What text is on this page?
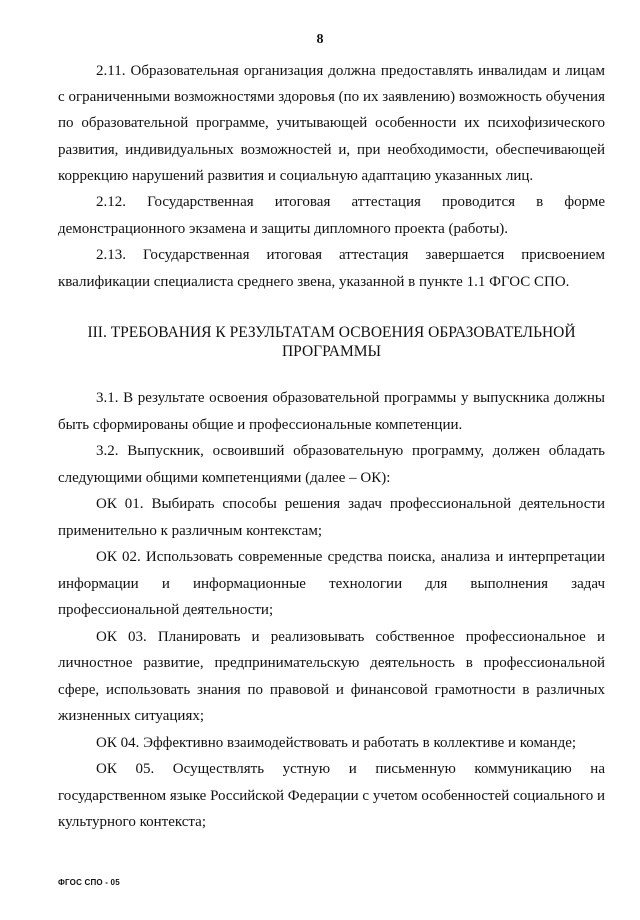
8

2.11. Образовательная организация должна предоставлять инвалидам и лицам с ограниченными возможностями здоровья (по их заявлению) возможность обучения по образовательной программе, учитывающей особенности их психофизического развития, индивидуальных возможностей и, при необходимости, обеспечивающей коррекцию нарушений развития и социальную адаптацию указанных лиц.

2.12. Государственная итоговая аттестация проводится в форме демонстрационного экзамена и защиты дипломного проекта (работы).

2.13. Государственная итоговая аттестация завершается присвоением квалификации специалиста среднего звена, указанной в пункте 1.1 ФГОС СПО.

III. ТРЕБОВАНИЯ К РЕЗУЛЬТАТАМ ОСВОЕНИЯ ОБРАЗОВАТЕЛЬНОЙ
ПРОГРАММЫ

3.1. В результате освоения образовательной программы у выпускника должны быть сформированы общие и профессиональные компетенции.

3.2. Выпускник, освоивший образовательную программу, должен обладать следующими общими компетенциями (далее – ОК):

ОК 01. Выбирать способы решения задач профессиональной деятельности применительно к различным контекстам;

ОК 02. Использовать современные средства поиска, анализа и интерпретации информации и информационные технологии для выполнения задач профессиональной деятельности;

ОК 03. Планировать и реализовывать собственное профессиональное и личностное развитие, предпринимательскую деятельность в профессиональной сфере, использовать знания по правовой и финансовой грамотности в различных жизненных ситуациях;

ОК 04. Эффективно взаимодействовать и работать в коллективе и команде;

ОК 05. Осуществлять устную и письменную коммуникацию на государственном языке Российской Федерации с учетом особенностей социального и культурного контекста;

ФГОС СПО - 05
